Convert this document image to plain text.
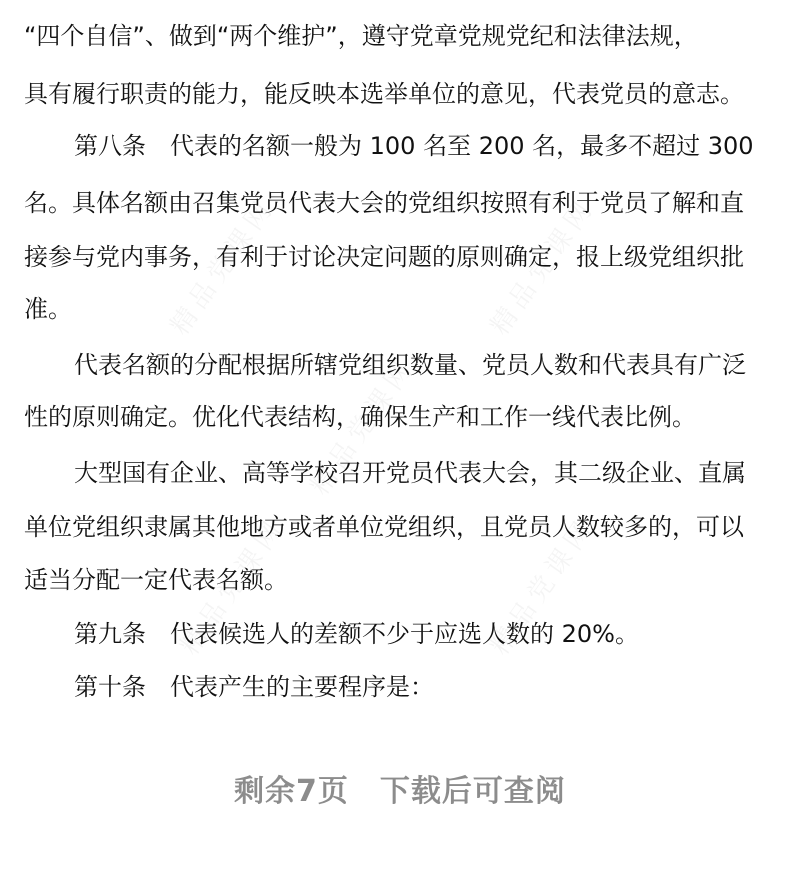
“四个自信”、做到“两个维护”，遵守党章党规党纪和法律法规，
具有履行职责的能力，能反映本选举单位的意见，代表党员的意志。
第八条　代表的名额一般为 100 名至 200 名，最多不超过 300
名。具体名额由召集党员代表大会的党组织按照有利于党员了解和直
接参与党内事务，有利于讨论决定问题的原则确定，报上级党组织批
准。
代表名额的分配根据所辖党组织数量、党员人数和代表具有广泛
性的原则确定。优化代表结构，确保生产和工作一线代表比例。
大型国有企业、高等学校召开党员代表大会，其二级企业、直属
单位党组织隶属其他地方或者单位党组织，且党员人数较多的，可以
适当分配一定代表名额。
第九条　代表候选人的差额不少于应选人数的 20%。
第十条　代表产生的主要程序是：
剩余7页　下载后可查阅
